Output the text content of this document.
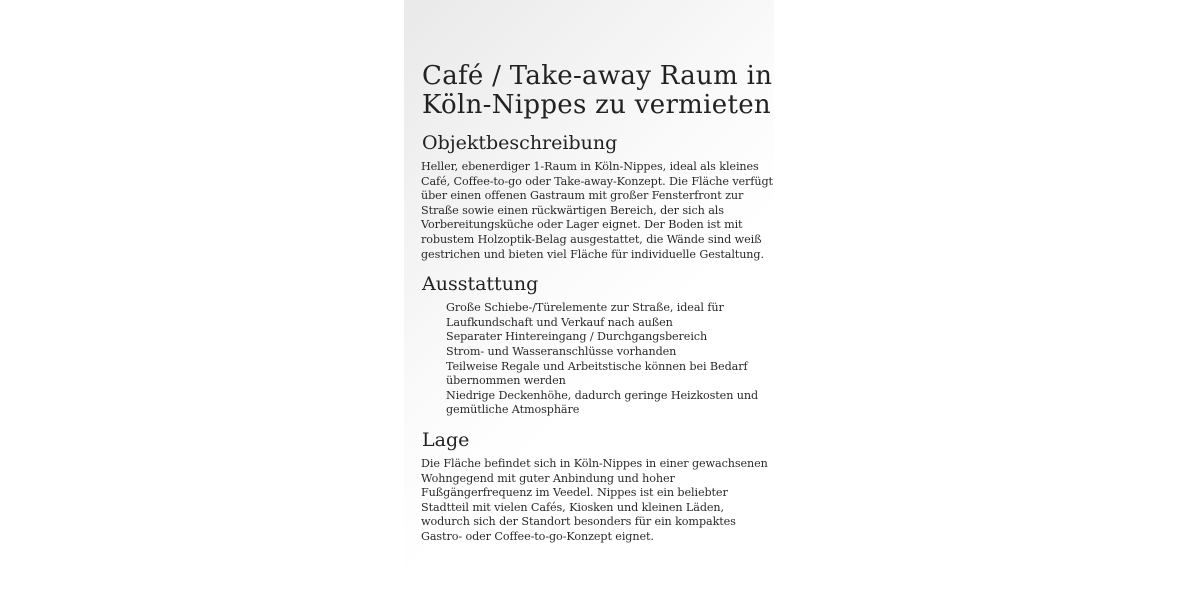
Café / Take-away Raum in Köln-Nippes zu vermieten
Objektbeschreibung

Heller, ebenerdiger 1-Raum in Köln-Nippes, ideal als kleines Café, Coffee-to-go oder Take-away-Konzept. Die Fläche verfügt über einen offenen Gastraum mit großer Fensterfront zur Straße sowie einen rückwärtigen Bereich, der sich als Vorbereitungsküche oder Lager eignet. Der Boden ist mit robustem Holzoptik-Belag ausgestattet, die Wände sind weiß gestrichen und bieten viel Fläche für individuelle Gestaltung.

Ausstattung
Große Schiebe-/Türelemente zur Straße, ideal für Laufkundschaft und Verkauf nach außen
Separater Hintereingang / Durchgangsbereich
Strom- und Wasseranschlüsse vorhanden
Teilweise Regale und Arbeitstische können bei Bedarf übernommen werden
Niedrige Deckenhöhe, dadurch geringe Heizkosten und gemütliche Atmosphäre
Lage

Die Fläche befindet sich in Köln-Nippes in einer gewachsenen Wohngegend mit guter Anbindung und hoher Fußgängerfrequenz im Veedel. Nippes ist ein beliebter Stadtteil mit vielen Cafés, Kiosken und kleinen Läden, wodurch sich der Standort besonders für ein kompaktes Gastro- oder Coffee-to-go-Konzept eignet.
